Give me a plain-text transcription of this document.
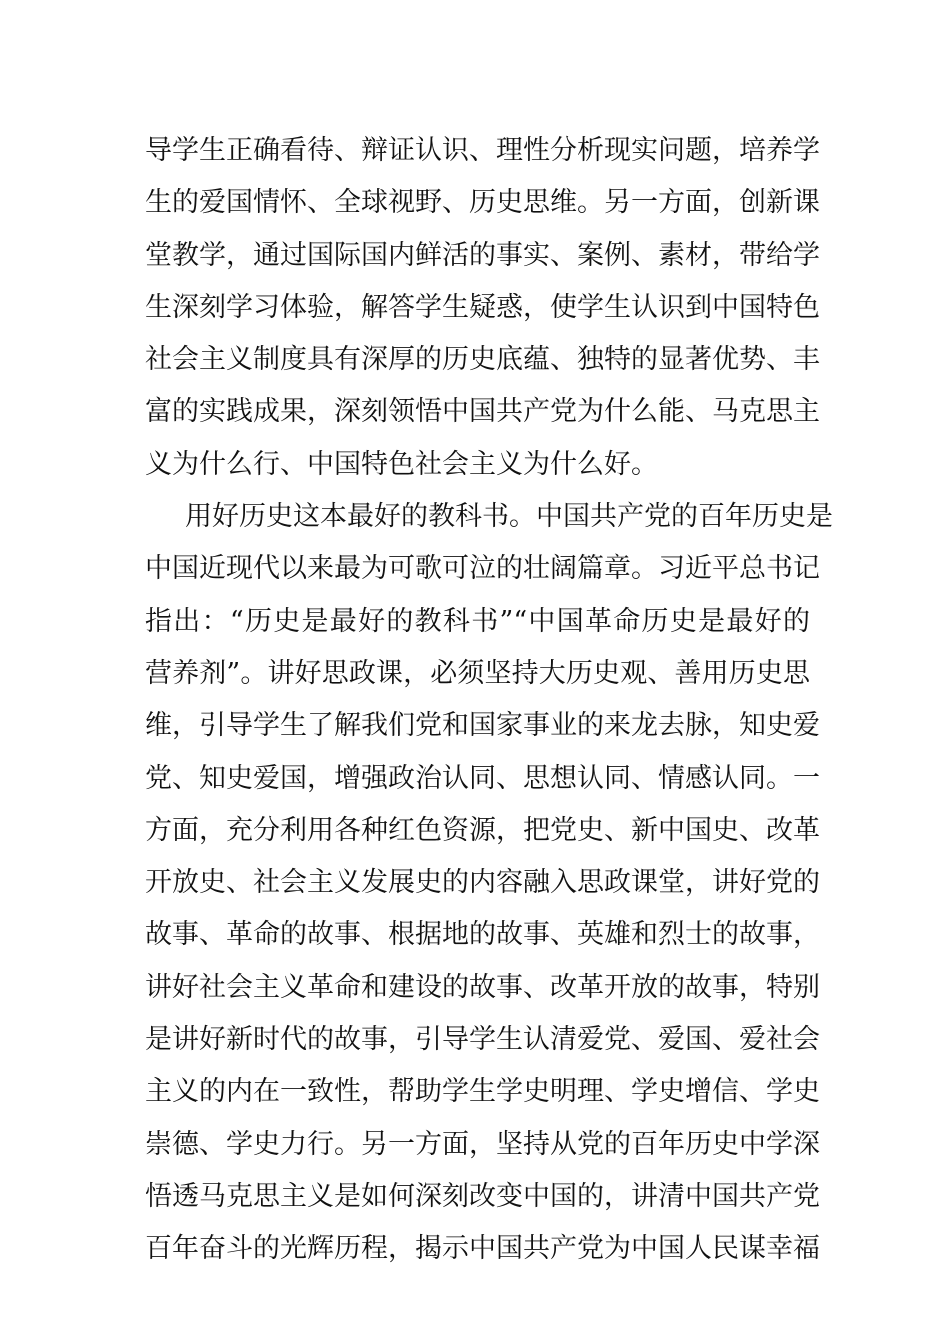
导学生正确看待、辩证认识、理性分析现实问题，培养学
生的爱国情怀、全球视野、历史思维。另一方面，创新课
堂教学，通过国际国内鲜活的事实、案例、素材，带给学
生深刻学习体验，解答学生疑惑，使学生认识到中国特色
社会主义制度具有深厚的历史底蕴、独特的显著优势、丰
富的实践成果，深刻领悟中国共产党为什么能、马克思主
义为什么行、中国特色社会主义为什么好。
用好历史这本最好的教科书。中国共产党的百年历史是
中国近现代以来最为可歌可泣的壮阔篇章。习近平总书记
指出：“历史是最好的教科书”“中国革命历史是最好的
营养剂”。讲好思政课，必须坚持大历史观、善用历史思
维，引导学生了解我们党和国家事业的来龙去脉，知史爱
党、知史爱国，增强政治认同、思想认同、情感认同。一
方面，充分利用各种红色资源，把党史、新中国史、改革
开放史、社会主义发展史的内容融入思政课堂，讲好党的
故事、革命的故事、根据地的故事、英雄和烈士的故事，
讲好社会主义革命和建设的故事、改革开放的故事，特别
是讲好新时代的故事，引导学生认清爱党、爱国、爱社会
主义的内在一致性，帮助学生学史明理、学史增信、学史
崇德、学史力行。另一方面，坚持从党的百年历史中学深
悟透马克思主义是如何深刻改变中国的，讲清中国共产党
百年奋斗的光辉历程，揭示中国共产党为中国人民谋幸福
